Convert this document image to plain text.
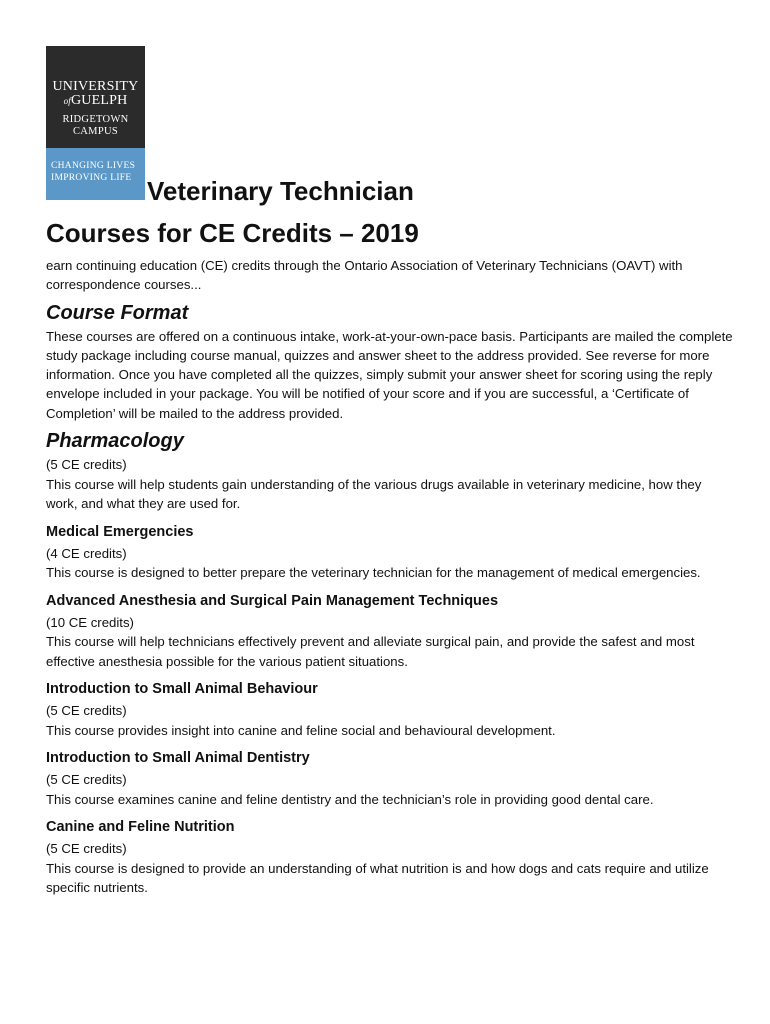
UNIVERSITY
ofGUELPH
RIDGETOWN
CAMPUS
CHANGING LIVES
IMPROVING LIFE Veterinary Technician
Courses for CE Credits – 2019

earn continuing education (CE) credits through the Ontario Association of Veterinary Technicians (OAVT) with correspondence courses...

Course Format

These courses are offered on a continuous intake, work-at-your-own-pace basis. Participants are mailed the complete study package including course manual, quizzes and answer sheet to the address provided. See reverse for more information. Once you have completed all the quizzes, simply submit your answer sheet for scoring using the reply envelope included in your package. You will be notified of your score and if you are successful, a ‘Certificate of Completion’ will be mailed to the address provided.

Pharmacology
(5 CE credits)
This course will help students gain understanding of the various drugs available in veterinary medicine, how they work, and what they are used for.
Medical Emergencies
(4 CE credits)
This course is designed to better prepare the veterinary technician for the management of medical emergencies.
Advanced Anesthesia and Surgical Pain Management Techniques
(10 CE credits)
This course will help technicians effectively prevent and alleviate surgical pain, and provide the safest and most effective anesthesia possible for the various patient situations.
Introduction to Small Animal Behaviour
(5 CE credits)
This course provides insight into canine and feline social and behavioural development.
Introduction to Small Animal Dentistry
(5 CE credits)
This course examines canine and feline dentistry and the technician’s role in providing good dental care.
Canine and Feline Nutrition
(5 CE credits)
This course is designed to provide an understanding of what nutrition is and how dogs and cats require and utilize specific nutrients.
